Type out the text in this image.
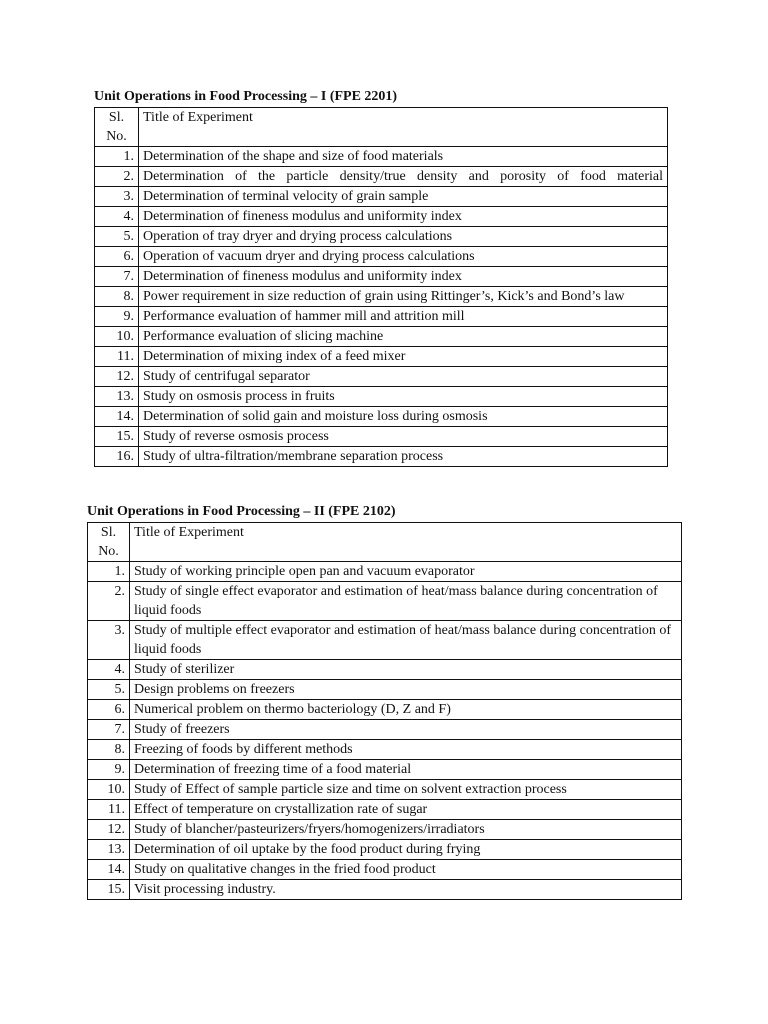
Unit Operations in Food Processing – I (FPE 2201)
Sl.
No.	Title of Experiment
1.	Determination of the shape and size of food materials
2.	Determination of the particle density/true density and porosity of food material
3.	Determination of terminal velocity of grain sample
4.	Determination of fineness modulus and uniformity index
5.	Operation of tray dryer and drying process calculations
6.	Operation of vacuum dryer and drying process calculations
7.	Determination of fineness modulus and uniformity index
8.	Power requirement in size reduction of grain using Rittinger’s, Kick’s and Bond’s law
9.	Performance evaluation of hammer mill and attrition mill
10.	Performance evaluation of slicing machine
11.	Determination of mixing index of a feed mixer
12.	Study of centrifugal separator
13.	Study on osmosis process in fruits
14.	Determination of solid gain and moisture loss during osmosis
15.	Study of reverse osmosis process
16.	Study of ultra-filtration/membrane separation process
Unit Operations in Food Processing – II (FPE 2102)
Sl.
No.	Title of Experiment
1.	Study of working principle open pan and vacuum evaporator
2.	Study of single effect evaporator and estimation of heat/mass balance during concentration of liquid foods
3.	Study of multiple effect evaporator and estimation of heat/mass balance during concentration of liquid foods
4.	Study of sterilizer
5.	Design problems on freezers
6.	Numerical problem on thermo bacteriology (D, Z and F)
7.	Study of freezers
8.	Freezing of foods by different methods
9.	Determination of freezing time of a food material
10.	Study of Effect of sample particle size and time on solvent extraction process
11.	Effect of temperature on crystallization rate of sugar
12.	Study of blancher/pasteurizers/fryers/homogenizers/irradiators
13.	Determination of oil uptake by the food product during frying
14.	Study on qualitative changes in the fried food product
15.	Visit processing industry.
